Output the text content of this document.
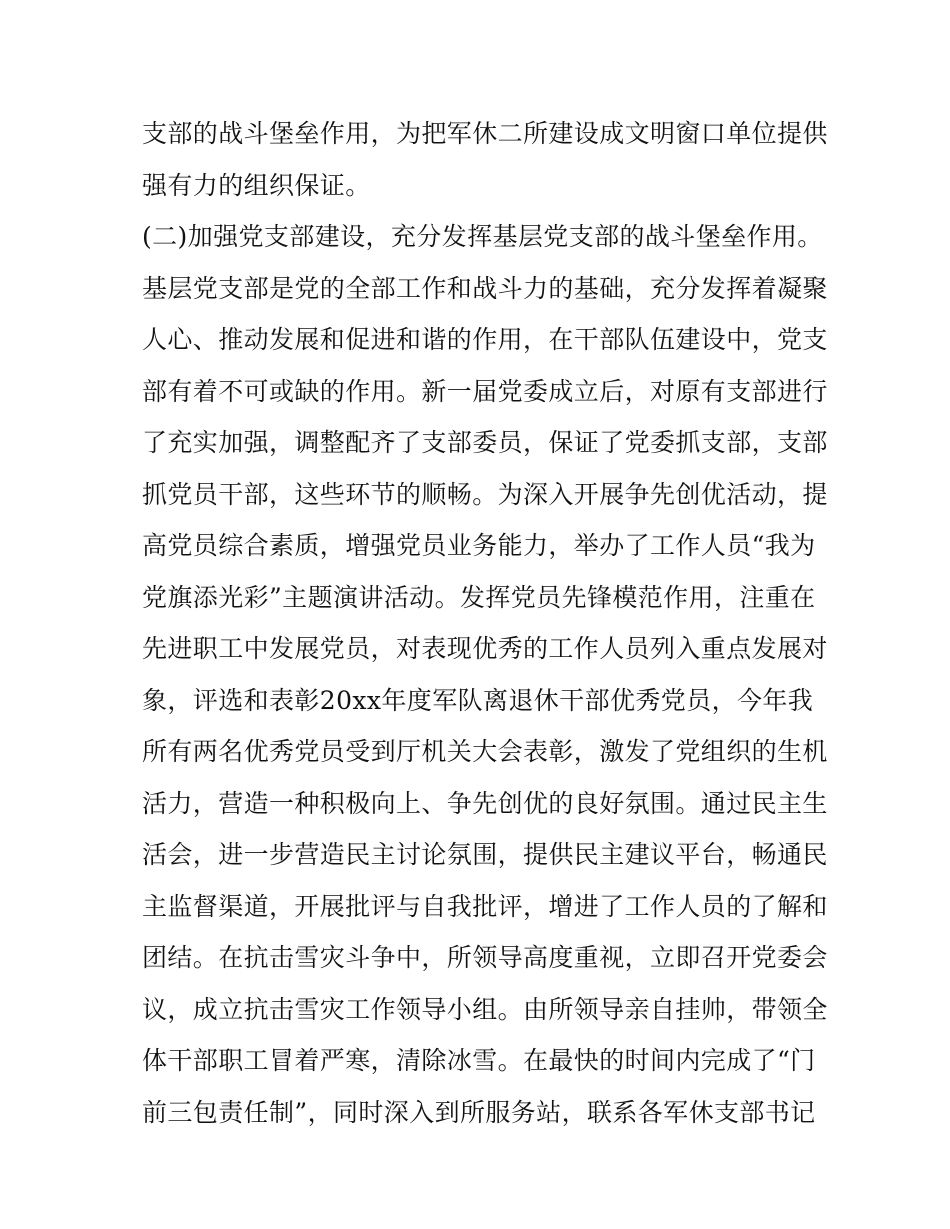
支部的战斗堡垒作用，为把军休二所建设成文明窗口单位提供
强有力的组织保证。
(二)加强党支部建设，充分发挥基层党支部的战斗堡垒作用。
基层党支部是党的全部工作和战斗力的基础，充分发挥着凝聚
人心、推动发展和促进和谐的作用，在干部队伍建设中，党支
部有着不可或缺的作用。新一届党委成立后，对原有支部进行
了充实加强，调整配齐了支部委员，保证了党委抓支部，支部
抓党员干部，这些环节的顺畅。为深入开展争先创优活动，提
高党员综合素质，增强党员业务能力，举办了工作人员“我为
党旗添光彩”主题演讲活动。发挥党员先锋模范作用，注重在
先进职工中发展党员，对表现优秀的工作人员列入重点发展对
象，评选和表彰20xx年度军队离退休干部优秀党员，今年我
所有两名优秀党员受到厅机关大会表彰，激发了党组织的生机
活力，营造一种积极向上、争先创优的良好氛围。通过民主生
活会，进一步营造民主讨论氛围，提供民主建议平台，畅通民
主监督渠道，开展批评与自我批评，增进了工作人员的了解和
团结。在抗击雪灾斗争中，所领导高度重视，立即召开党委会
议，成立抗击雪灾工作领导小组。由所领导亲自挂帅，带领全
体干部职工冒着严寒，清除冰雪。在最快的时间内完成了“门
前三包责任制”，同时深入到所服务站，联系各军休支部书记
